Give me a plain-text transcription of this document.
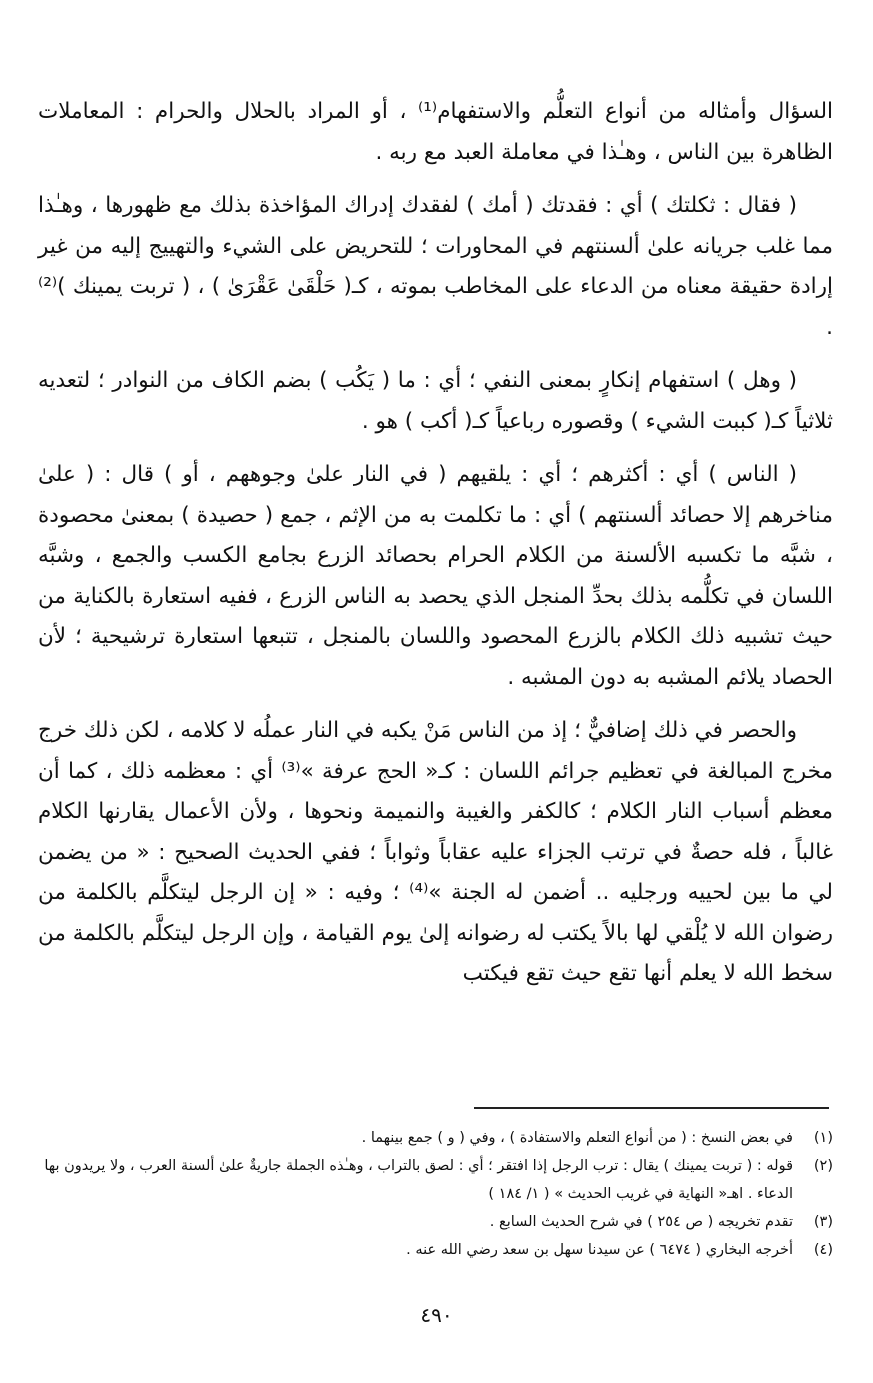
السؤال وأمثاله من أنواع التعلُّم والاستفهام⁽¹⁾ ، أو المراد بالحلال والحرام : المعاملات الظاهرة بين الناس ، وهـٰذا في معاملة العبد مع ربه .

( فقال : ثكلتك ) أي : فقدتك ( أمك ) لفقدك إدراك المؤاخذة بذلك مع ظهورها ، وهـٰذا مما غلب جريانه علىٰ ألسنتهم في المحاورات ؛ للتحريض على الشيء والتهييج إليه من غير إرادة حقيقة معناه من الدعاء على المخاطب بموته ، كـ( حَلْقَىٰ عَقْرَىٰ ) ، ( تربت يمينك )⁽²⁾ .

( وهل ) استفهام إنكارٍ بمعنى النفي ؛ أي : ما ( يَكُب ) بضم الكاف من النوادر ؛ لتعديه ثلاثياً كـ( كببت الشيء ) وقصوره رباعياً كـ( أكب ) هو .

( الناس ) أي : أكثرهم ؛ أي : يلقيهم ( في النار علىٰ وجوههم ، أو ) قال : ( علىٰ مناخرهم إلا حصائد ألسنتهم ) أي : ما تكلمت به من الإثم ، جمع ( حصيدة ) بمعنىٰ محصودة ، شبَّه ما تكسبه الألسنة من الكلام الحرام بحصائد الزرع بجامع الكسب والجمع ، وشبَّه اللسان في تكلُّمه بذلك بحدِّ المنجل الذي يحصد به الناس الزرع ، ففيه استعارة بالكناية من حيث تشبيه ذلك الكلام بالزرع المحصود واللسان بالمنجل ، تتبعها استعارة ترشيحية ؛ لأن الحصاد يلائم المشبه به دون المشبه .

والحصر في ذلك إضافيٌّ ؛ إذ من الناس مَنْ يكبه في النار عملُه لا كلامه ، لكن ذلك خرج مخرج المبالغة في تعظيم جرائم اللسان : كـ« الحج عرفة »⁽³⁾ أي : معظمه ذلك ، كما أن معظم أسباب النار الكلام ؛ كالكفر والغيبة والنميمة ونحوها ، ولأن الأعمال يقارنها الكلام غالباً ، فله حصةٌ في ترتب الجزاء عليه عقاباً وثواباً ؛ ففي الحديث الصحيح : « من يضمن لي ما بين لحييه ورجليه .. أضمن له الجنة »⁽⁴⁾ ؛ وفيه : « إن الرجل ليتكلَّم بالكلمة من رضوان الله لا يُلْقي لها بالاً يكتب له رضوانه إلىٰ يوم القيامة ، وإن الرجل ليتكلَّم بالكلمة من سخط الله لا يعلم أنها تقع حيث تقع فيكتب

(١)
في بعض النسخ : ( من أنواع التعلم والاستفادة ) ، وفي ( و ) جمع بينهما .
(٢)
قوله : ( تربت يمينك ) يقال : ترب الرجل إذا افتقر ؛ أي : لصق بالتراب ، وهـٰذه الجملة جاريةٌ علىٰ ألسنة العرب ، ولا يريدون بها الدعاء . اهـ« النهاية في غريب الحديث » ( ١/ ١٨٤ )
(٣)
تقدم تخريجه ( ص ٢٥٤ ) في شرح الحديث السابع .
(٤)
أخرجه البخاري ( ٦٤٧٤ ) عن سيدنا سهل بن سعد رضي الله عنه .
٤٩٠
